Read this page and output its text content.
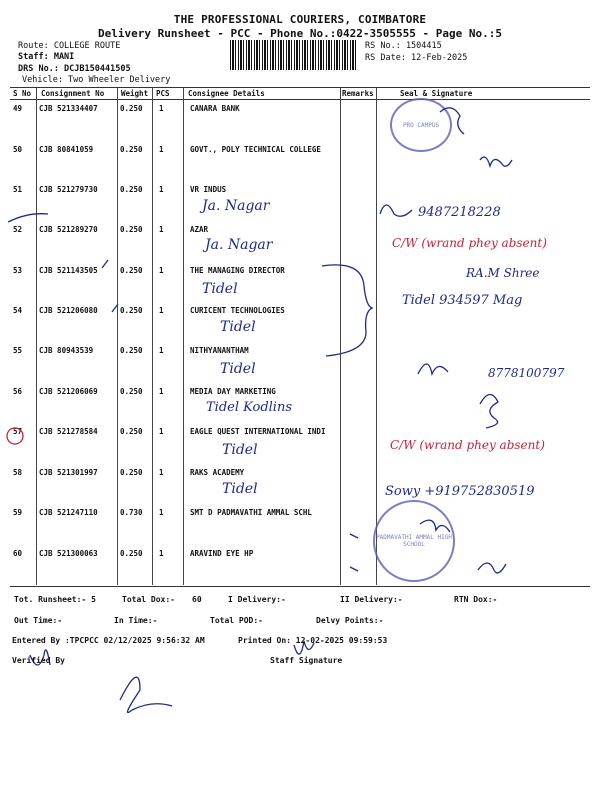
THE PROFESSIONAL COURIERS, COIMBATORE
Delivery Runsheet - PCC - Phone No.:0422-3505555 - Page No.:5
Route: COLLEGE ROUTE
Staff: MANI
DRS No.: DCJB150441505
Vehicle: Two Wheeler Delivery
RS No.: 1504415
RS Date: 12-Feb-2025
S No Consignment No Weight PCS Consignee Details	Remarks	Seal & Signature
49 CJB 521334407	0.250 1	CANARA BANK
50 CJB 80841059	0.250 1	GOVT., POLY TECHNICAL COLLEGE
51 CJB 521279730	0.250 1	VR INDUS
Ja. Nagar
52 CJB 521289270	0.250 1	AZAR
Ja. Nagar
53 CJB 521143505	0.250 1	THE MANAGING DIRECTOR
Tidel
54 CJB 521206080	0.250 1	CURICENT TECHNOLOGIES
Tidel
55 CJB 80943539	0.250 1	NITHYANANTHAM
Tidel
56 CJB 521206069	0.250 1	MEDIA DAY MARKETING
Tidel Kodlins
57 CJB 521278584	0.250 1	EAGLE QUEST INTERNATIONAL INDI
Tidel
58 CJB 521301997	0.250 1	RAKS ACADEMY
Tidel
59 CJB 521247110	0.730 1	SMT D PADMAVATHI AMMAL SCHL
60 CJB 521300063	0.250 1	ARAVIND EYE HP
PRO CAMPUS
PADMAVATHI AMMAL HIGH SCHOOL
9487218228
C/W (wrand phey absent)
RA.M Shree
Tidel 934597 Mag
8778100797
C/W (wrand phey absent)
Sowy +919752830519
Tot. Runsheet:- 5	Total Dox:- 60	I Delivery:-	II Delivery:-	RTN Dox:-
Out Time:-	In Time:-	Total POD:-	Delvy Points:-
Entered By :TPCPCC 02/12/2025 9:56:32 AM	Printed On: 12-02-2025 09:59:53
Verified By	Staff Signature
